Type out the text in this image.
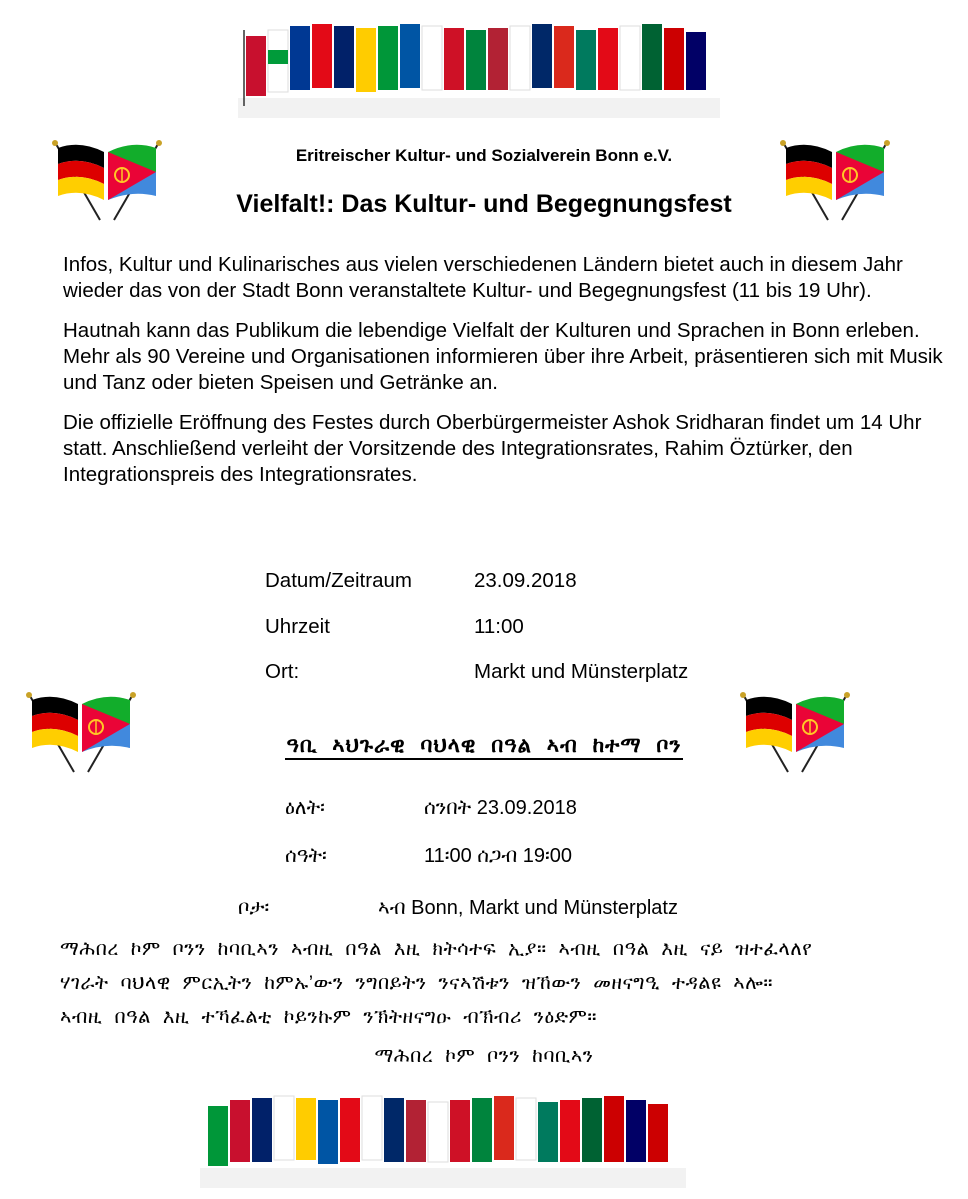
Eritreischer Kultur- und Sozialverein Bonn e.V.
Vielfalt!: Das Kultur- und Begegnungsfest

Infos, Kultur und Kulinarisches aus vielen verschiedenen Ländern bietet auch in diesem Jahr wieder das von der Stadt Bonn veranstaltete Kultur- und Begegnungsfest (11 bis 19 Uhr).

Hautnah kann das Publikum die lebendige Vielfalt der Kulturen und Sprachen in Bonn erleben. Mehr als 90 Vereine und Organisationen informieren über ihre Arbeit, präsentieren sich mit Musik und Tanz oder bieten Speisen und Getränke an.

Die offizielle Eröffnung des Festes durch Oberbürgermeister Ashok Sridharan findet um 14 Uhr statt. Anschließend verleiht der Vorsitzende des Integrationsrates, Rahim Öztürker, den Integrationspreis des Integrationsrates.

Datum/Zeitraum	23.09.2018
Uhrzeit	11:00
Ort:	Markt und Münsterplatz
ዓቢ ኣህጉራዊ ባህላዊ በዓል ኣብ ከተማ ቦን
ዕለት፡	ሰንበት 23.09.2018
ሰዓት፡	11፡00 ሰጋብ 19፡00
ቦታ፡	ኣብ Bonn, Markt und Münsterplatz

ማሕበረ ኮም ቦንን ከባቢኣን ኣብዚ በዓል እዚ ክትሳተፍ ኢያ። ኣብዚ በዓል እዚ ናይ ዝተፈላለየ

ሃገራት ባህላዊ ምርኢትን ከምኡ’ውን ንግበይትን ንናኣሽቱን ዝኸውን መዘናግዒ ተዳልዩ ኣሎ።

ኣብዚ በዓል እዚ ተኻፈልቲ ኮይንኩም ንኽትዘናግዑ ብኽብሪ ንዕድም።

ማሕበረ ኮም ቦንን ከባቢኣን
